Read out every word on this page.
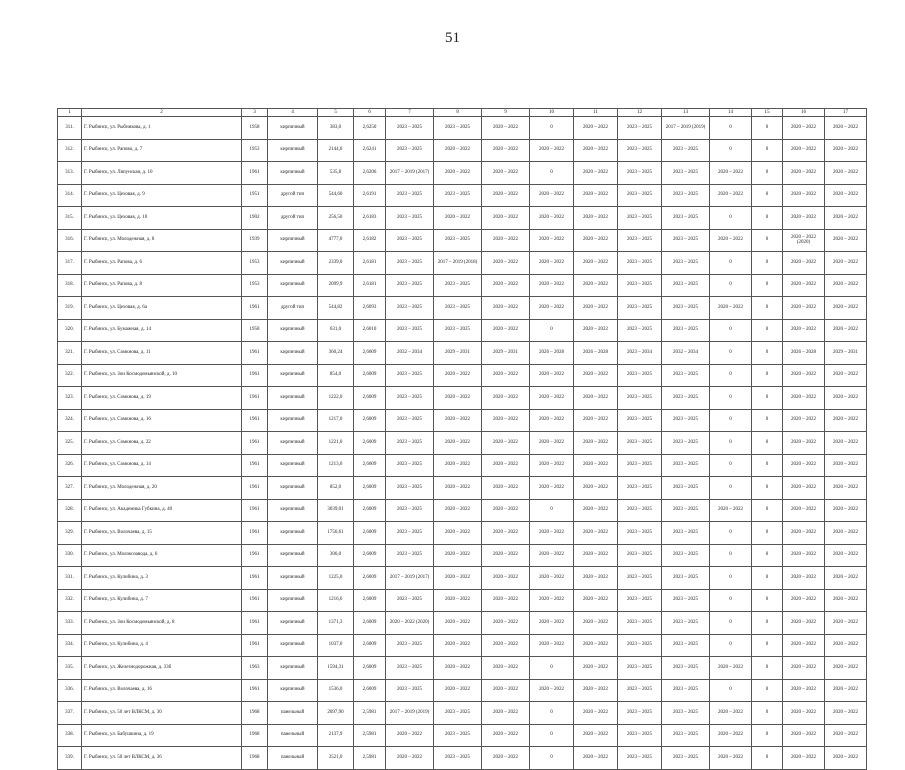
51
1	2	3	4	5	6	7	8	9	10	11	12	13	14	15	16	17
311.	Г. Рыбинск, ул. Рыбникова, д. 1	1958	кирпичный	383,0	2,6250	2023 – 2025	2023 – 2025	2020 – 2022	0	2020 – 2022	2023 – 2025	2017 – 2019 (2019)	0	0	2020 – 2022	2020 – 2022
312.	Г. Рыбинск, ул. Рапово, д. 7	1953	кирпичный	2144,0	2,6241	2023 – 2025	2020 – 2022	2020 – 2022	2020 – 2022	2020 – 2022	2023 – 2025	2023 – 2025	0	0	2020 – 2022	2020 – 2022
313.	Г. Рыбинск, ул. Ляпунская, д. 10	1961	кирпичный	535,8	2,6206	2017 – 2019 (2017)	2020 – 2022	2020 – 2022	0	2020 – 2022	2023 – 2025	2023 – 2025	2020 – 2022	0	2020 – 2022	2020 – 2022
314.	Г. Рыбинск, ул. Цеховая, д. 9	1951	другой тип	544,60	2,6191	2023 – 2025	2023 – 2025	2020 – 2022	2020 – 2022	2020 – 2022	2023 – 2025	2023 – 2025	2020 – 2022	0	2020 – 2022	2020 – 2022
315.	Г. Рыбинск, ул. Цеховая, д. 10	1902	другой тип	256,50	2,6183	2023 – 2025	2020 – 2022	2020 – 2022	2020 – 2022	2020 – 2022	2023 – 2025	2023 – 2025	0	0	2020 – 2022	2020 – 2022
316.	Г. Рыбинск, ул. Молодежная, д. 8	1939	кирпичный	4777,0	2,6182	2023 – 2025	2023 – 2025	2020 – 2022	2020 – 2022	2020 – 2022	2023 – 2025	2023 – 2025	2020 – 2022	0	2020 – 2022 (2020)	2020 – 2022
317.	Г. Рыбинск, ул. Рапова, д. 6	1953	кирпичный	2339,0	2,6181	2023 – 2025	2017 – 2019 (2018)	2020 – 2022	2020 – 2022	2020 – 2022	2023 – 2025	2023 – 2025	0	0	2020 – 2022	2020 – 2022
318.	Г. Рыбинск, ул. Рапова, д. 8	1953	кирпичный	2099,9	2,6181	2023 – 2025	2023 – 2025	2020 – 2022	2020 – 2022	2020 – 2022	2023 – 2025	2023 – 2025	0	0	2020 – 2022	2020 – 2022
319.	Г. Рыбинск, ул. Цеховая, д. 6а	1961	другой тип	544,82	2,6093	2023 – 2025	2023 – 2025	2020 – 2022	2020 – 2022	2020 – 2022	2023 – 2025	2023 – 2025	2020 – 2022	0	2020 – 2022	2020 – 2022
320.	Г. Рыбинск, ул. Бумажная, д. 14	1958	кирпичный	631,0	2,6010	2023 – 2025	2023 – 2025	2020 – 2022	0	2020 – 2022	2023 – 2025	2023 – 2025	0	0	2020 – 2022	2020 – 2022
321.	Г. Рыбинск, ул. Сомкнова, д. 11	1961	кирпичный	360,24	2,6009	2032 – 2034	2029 – 2031	2029 – 2031	2026 – 2028	2026 – 2028	2023 – 2034	2032 – 2034	0	0	2026 – 2028	2029 – 2031
322.	Г. Рыбинск, ул. Зои Космодемьянской, д. 10	1961	кирпичный	854,0	2,6009	2023 – 2025	2020 – 2022	2020 – 2022	2020 – 2022	2020 – 2022	2023 – 2025	2023 – 2025	0	0	2020 – 2022	2020 – 2022
323.	Г. Рыбинск, ул. Сомкнова, д. 19	1961	кирпичный	1222,0	2,6009	2023 – 2025	2020 – 2022	2020 – 2022	2020 – 2022	2020 – 2022	2023 – 2025	2023 – 2025	0	0	2020 – 2022	2020 – 2022
324.	Г. Рыбинск, ул. Сомкнова, д. 16	1961	кирпичный	1217,0	2,6009	2023 – 2025	2020 – 2022	2020 – 2022	2020 – 2022	2020 – 2022	2023 – 2025	2023 – 2025	0	0	2020 – 2022	2020 – 2022
325.	Г. Рыбинск, ул. Сомкнова, д. 22	1961	кирпичный	1221,0	2,6009	2023 – 2025	2020 – 2022	2020 – 2022	2020 – 2022	2020 – 2022	2023 – 2025	2023 – 2025	0	0	2020 – 2022	2020 – 2022
326.	Г. Рыбинск, ул. Сомкнова, д. 14	1961	кирпичный	1213,0	2,6009	2023 – 2025	2020 – 2022	2020 – 2022	2020 – 2022	2020 – 2022	2023 – 2025	2023 – 2025	0	0	2020 – 2022	2020 – 2022
327.	Г. Рыбинск, ул. Молодежная, д. 20	1961	кирпичный	852,0	2,6009	2023 – 2025	2020 – 2022	2020 – 2022	2020 – 2022	2020 – 2022	2023 – 2025	2023 – 2025	0	0	2020 – 2022	2020 – 2022
328.	Г. Рыбинск, ул. Академика Губкина, д. 40	1961	кирпичный	3039,01	2,6009	2023 – 2025	2020 – 2022	2020 – 2022	0	2020 – 2022	2023 – 2025	2023 – 2025	2020 – 2022	0	2020 – 2022	2020 – 2022
329.	Г. Рыбинск, ул. Волочаева, д. 15	1961	кирпичный	1756,61	2,6009	2023 – 2025	2020 – 2022	2020 – 2022	2020 – 2022	2020 – 2022	2023 – 2025	2023 – 2025	0	0	2020 – 2022	2020 – 2022
330.	Г. Рыбинск, ул. Молокозавода, д. 6	1961	кирпичный	306,0	2,6009	2023 – 2025	2020 – 2022	2020 – 2022	2020 – 2022	2020 – 2022	2023 – 2025	2023 – 2025	0	0	2020 – 2022	2020 – 2022
331.	Г. Рыбинск, ул. Кулибина, д. 3	1961	кирпичный	1225,0	2,6009	2017 – 2019 (2017)	2020 – 2022	2020 – 2022	2020 – 2022	2020 – 2022	2023 – 2025	2023 – 2025	0	0	2020 – 2022	2020 – 2022
332.	Г. Рыбинск, ул. Кулибина, д. 7	1961	кирпичный	1216,6	2,6009	2023 – 2025	2020 – 2022	2020 – 2022	2020 – 2022	2020 – 2022	2023 – 2025	2023 – 2025	0	0	2020 – 2022	2020 – 2022
333.	Г. Рыбинск, ул. Зои Космодемьянской, д. 8	1961	кирпичный	1371,3	2,6009	2020 – 2022 (2020)	2020 – 2022	2020 – 2022	2020 – 2022	2020 – 2022	2023 – 2025	2023 – 2025	0	0	2020 – 2022	2020 – 2022
334.	Г. Рыбинск, ул. Кулибина, д. 4	1961	кирпичный	1037,0	2,6009	2023 – 2025	2020 – 2022	2020 – 2022	2020 – 2022	2020 – 2022	2023 – 2025	2023 – 2025	0	0	2020 – 2022	2020 – 2022
335.	Г. Рыбинск, ул. Железнодорожная, д. 33б	1963	кирпичный	1594,31	2,6009	2023 – 2025	2020 – 2022	2020 – 2022	0	2020 – 2022	2023 – 2025	2023 – 2025	2020 – 2022	0	2020 – 2022	2020 – 2022
336.	Г. Рыбинск, ул. Волочаева, д. 16	1961	кирпичный	1536,0	2,6009	2023 – 2025	2020 – 2022	2020 – 2022	2020 – 2022	2020 – 2022	2023 – 2025	2023 – 2025	0	0	2020 – 2022	2020 – 2022
337.	Г. Рыбинск, ул. 50 лет ВЛКСМ, д. 30	1968	панельный	2697,90	2,5981	2017 – 2019 (2019)	2023 – 2025	2020 – 2022	0	2020 – 2022	2023 – 2025	2023 – 2025	2020 – 2022	0	2020 – 2022	2020 – 2022
338.	Г. Рыбинск, ул. Бабушкина, д. 19	1968	панельный	2137,9	2,5981	2020 – 2022	2023 – 2025	2020 – 2022	0	2020 – 2022	2023 – 2025	2023 – 2025	2020 – 2022	0	2020 – 2022	2020 – 2022
339.	Г. Рыбинск, ул. 50 лет ВЛКСМ, д. 36	1968	панельный	3521,0	2,5981	2020 – 2022	2023 – 2025	2020 – 2022	0	2020 – 2022	2023 – 2025	2023 – 2025	2020 – 2022	0	2020 – 2022	2020 – 2022
